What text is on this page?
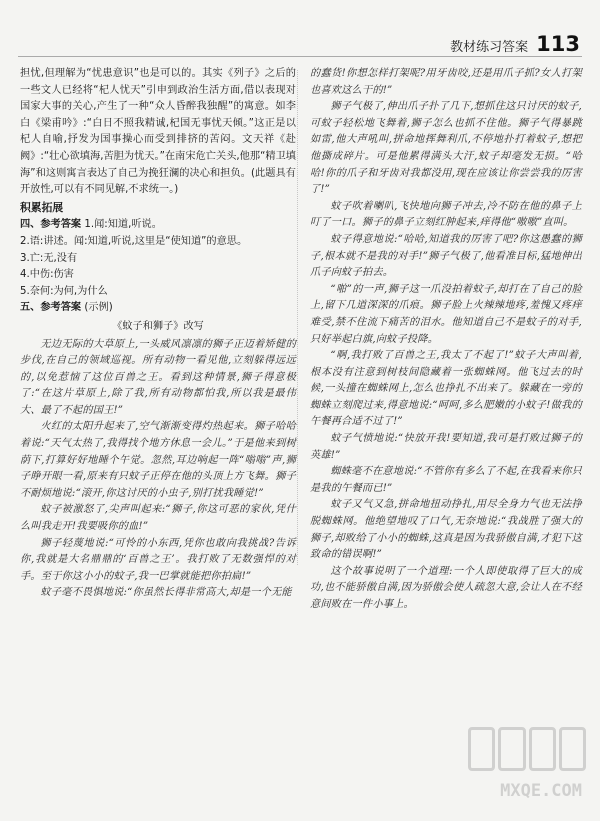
教材练习答案 113

担忧,但理解为“忧患意识”也是可以的。其实《列子》之后的一些文人已经将“杞人忧天”引申到政治生活方面,借以表现对国家大事的关心,产生了一种“众人昏醉我独醒”的寓意。如李白《梁甫吟》:“白日不照我精诚,杞国无事忧天倾。”这正是以杞人自喻,抒发为国事操心而受到排挤的苦闷。文天祥《赴阙》:“壮心欲填海,苦胆为忧天。”在南宋危亡关头,他那“精卫填海”和这则寓言表达了自己为挽狂澜的决心和担负。(此题具有开放性,可以有不同见解,不求统一。)

积累拓展

四、参考答案 1.闻:知道,听说。

2.语:讲述。闻:知道,听说,这里是“使知道”的意思。

3.亡:无,没有

4.中伤:伤害

5.奈何:为何,为什么

五、参考答案 (示例)

《蚊子和狮子》改写

无边无际的大草原上,一头威风凛凛的狮子正迈着矫健的步伐,在自己的领域巡视。所有动物一看见他,立刻躲得远远的,以免惹恼了这位百兽之王。看到这种情景,狮子得意极了:“在这片草原上,除了我,所有动物都怕我,所以我是最伟大、最了不起的国王!”

火红的太阳升起来了,空气渐渐变得灼热起来。狮子哈哈着说:“天气太热了,我得找个地方休息一会儿。”于是他来到树荫下,打算好好地睡个午觉。忽然,耳边响起一阵“嗡嗡”声,狮子睁开眼一看,原来有只蚊子正停在他的头顶上方飞舞。狮子不耐烦地说:“滚开,你这讨厌的小虫子,别打扰我睡觉!”

蚊子被激怒了,尖声叫起来:“狮子,你这可恶的家伙,凭什么叫我走开!我要吸你的血!”

狮子轻蔑地说:“可怜的小东西,凭你也敢向我挑战?告诉你,我就是大名鼎鼎的‘百兽之王’。我打败了无数强悍的对手。至于你这小小的蚊子,我一巴掌就能把你拍扁!”

蚊子毫不畏惧地说:“你虽然长得非常高大,却是一个无能

的蠢货!你想怎样打架呢?用牙齿咬,还是用爪子抓?女人打架也喜欢这么干的!”

狮子气极了,伸出爪子扑了几下,想抓住这只讨厌的蚊子,可蚊子轻松地飞舞着,狮子怎么也抓不住他。狮子气得暴跳如雷,他大声吼叫,拼命地挥舞利爪,不停地扑打着蚊子,想把他撕成碎片。可是他累得满头大汗,蚊子却毫发无损。“哈哈!你的爪子和牙齿对我都没用,现在应该让你尝尝我的厉害了!”

蚊子吹着喇叭,飞快地向狮子冲去,冷不防在他的鼻子上叮了一口。狮子的鼻子立刻红肿起来,痒得他“嗷嗷”直叫。

蚊子得意地说:“哈哈,知道我的厉害了吧?你这愚蠢的狮子,根本就不是我的对手!”狮子气极了,他看准目标,猛地伸出爪子向蚊子拍去。

“啪”的一声,狮子这一爪没拍着蚊子,却打在了自己的脸上,留下几道深深的爪痕。狮子脸上火辣辣地疼,羞愧又疼痒难受,禁不住流下痛苦的泪水。他知道自己不是蚊子的对手,只好举起白旗,向蚊子投降。

“啊,我打败了百兽之王,我太了不起了!”蚊子大声叫着,根本没有注意到树枝间隐藏着一张蜘蛛网。他飞过去的时候,一头撞在蜘蛛网上,怎么也挣扎不出来了。躲藏在一旁的蜘蛛立刻爬过来,得意地说:“呵呵,多么肥嫩的小蚊子!做我的午餐再合适不过了!”

蚊子气愤地说:“快放开我!要知道,我可是打败过狮子的英雄!”

蜘蛛毫不在意地说:“不管你有多么了不起,在我看来你只是我的午餐而已!”

蚊子又气又急,拼命地扭动挣扎,用尽全身力气也无法挣脱蜘蛛网。他绝望地叹了口气,无奈地说:“我战胜了强大的狮子,却败给了小小的蜘蛛,这真是因为我骄傲自满,才犯下这致命的错误啊!”

这个故事说明了一个道理:一个人即使取得了巨大的成功,也不能骄傲自满,因为骄傲会使人疏忽大意,会让人在不经意间败在一件小事上。

MXQE.COM
